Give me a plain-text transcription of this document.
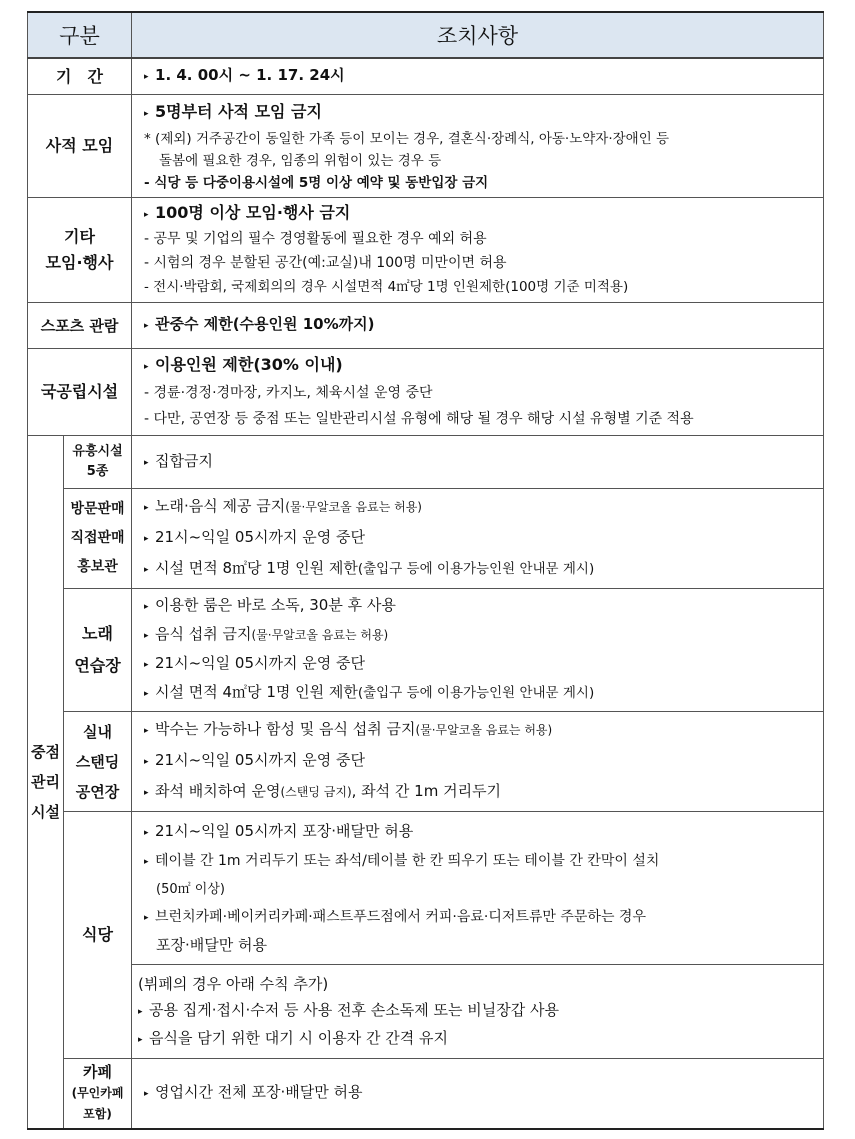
구분		조치사항
기　간		▸ 1. 4. 00시 ~ 1. 17. 24시

사적 모임		▸ 5명부터 사적 모임 금지
* (제외) 거주공간이 동일한 가족 등이 모이는 경우, 결혼식·장례식, 아동·노약자·장애인 등
돌봄에 필요한 경우, 임종의 위험이 있는 경우 등
- 식당 등 다중이용시설에 5명 이상 예약 및 동반입장 금지

기타
모임·행사		▸ 100명 이상 모임·행사 금지
- 공무 및 기업의 필수 경영활동에 필요한 경우 예외 허용
- 시험의 경우 분할된 공간(예:교실)내 100명 미만이면 허용
- 전시·박람회, 국제회의의 경우 시설면적 4㎡당 1명 인원제한(100명 기준 미적용)

스포츠 관람		▸ 관중수 제한(수용인원 10%까지)

국공립시설		▸ 이용인원 제한(30% 이내)
- 경륜·경정·경마장, 카지노, 체육시설 운영 중단
- 다만, 공연장 등 중점 또는 일반관리시설 유형에 해당 될 경우 해당 시설 유형별 기준 적용

중점
관리
시설	유흥시설
5종	▸ 집합금지

	방문판매
직접판매
홍보관	▸ 노래·음식 제공 금지(물·무알코올 음료는 허용)
▸ 21시~익일 05시까지 운영 중단
▸ 시설 면적 8㎡당 1명 인원 제한(출입구 등에 이용가능인원 안내문 게시)

	노래
연습장	▸ 이용한 룸은 바로 소독, 30분 후 사용
▸ 음식 섭취 금지(물·무알코올 음료는 허용)
▸ 21시~익일 05시까지 운영 중단
▸ 시설 면적 4㎡당 1명 인원 제한(출입구 등에 이용가능인원 안내문 게시)

	실내
스탠딩
공연장	▸ 박수는 가능하나 함성 및 음식 섭취 금지(물·무알코올 음료는 허용)
▸ 21시~익일 05시까지 운영 중단
▸ 좌석 배치하여 운영(스탠딩 금지), 좌석 간 1m 거리두기

	식당	▸ 21시~익일 05시까지 포장·배달만 허용
▸ 테이블 간 1m 거리두기 또는 좌석/테이블 한 칸 띄우기 또는 테이블 간 칸막이 설치
(50㎡ 이상)
▸ 브런치카페·베이커리카페·패스트푸드점에서 커피·음료·디저트류만 주문하는 경우
포장·배달만 허용

		(뷔페의 경우 아래 수칙 추가)
▸ 공용 집게·접시·수저 등 사용 전후 손소독제 또는 비닐장갑 사용
▸ 음식을 담기 위한 대기 시 이용자 간 간격 유지

	카페
(무인카페
포함)	▸ 영업시간 전체 포장·배달만 허용
